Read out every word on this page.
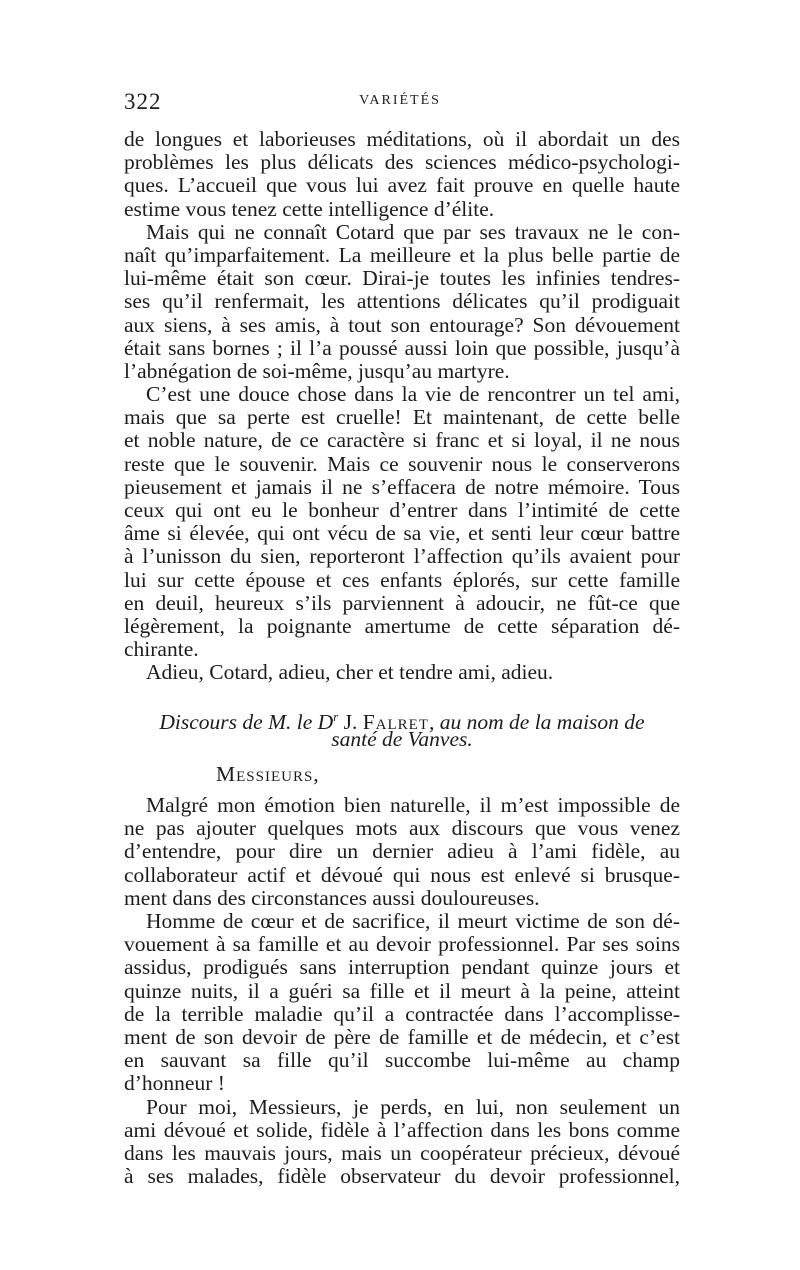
322	VARIÉTÉS
de longues et laborieuses méditations, où il abordait un des
problèmes les plus délicats des sciences médico-psychologi-
ques. L’accueil que vous lui avez fait prouve en quelle haute
estime vous tenez cette intelligence d’élite.
Mais qui ne connaît Cotard que par ses travaux ne le con-
naît qu’imparfaitement. La meilleure et la plus belle partie de
lui-même était son cœur. Dirai-je toutes les infinies tendres-
ses qu’il renfermait, les attentions délicates qu’il prodiguait
aux siens, à ses amis, à tout son entourage? Son dévouement
était sans bornes ; il l’a poussé aussi loin que possible, jusqu’à
l’abnégation de soi-même, jusqu’au martyre.
C’est une douce chose dans la vie de rencontrer un tel ami,
mais que sa perte est cruelle! Et maintenant, de cette belle
et noble nature, de ce caractère si franc et si loyal, il ne nous
reste que le souvenir. Mais ce souvenir nous le conserverons
pieusement et jamais il ne s’effacera de notre mémoire. Tous
ceux qui ont eu le bonheur d’entrer dans l’intimité de cette
âme si élevée, qui ont vécu de sa vie, et senti leur cœur battre
à l’unisson du sien, reporteront l’affection qu’ils avaient pour
lui sur cette épouse et ces enfants éplorés, sur cette famille
en deuil, heureux s’ils parviennent à adoucir, ne fût-ce que
légèrement, la poignante amertume de cette séparation dé-
chirante.
Adieu, Cotard, adieu, cher et tendre ami, adieu.
Discours de M. le $D^r$ J. Falret, au nom de la maison de
santé de Vanves.
Messieurs,
Malgré mon émotion bien naturelle, il m’est impossible de
ne pas ajouter quelques mots aux discours que vous venez
d’entendre, pour dire un dernier adieu à l’ami fidèle, au
collaborateur actif et dévoué qui nous est enlevé si brusque-
ment dans des circonstances aussi douloureuses.
Homme de cœur et de sacrifice, il meurt victime de son dé-
vouement à sa famille et au devoir professionnel. Par ses soins
assidus, prodigués sans interruption pendant quinze jours et
quinze nuits, il a guéri sa fille et il meurt à la peine, atteint
de la terrible maladie qu’il a contractée dans l’accomplisse-
ment de son devoir de père de famille et de médecin, et c’est
en sauvant sa fille qu’il succombe lui-même au champ
d’honneur !
Pour moi, Messieurs, je perds, en lui, non seulement un
ami dévoué et solide, fidèle à l’affection dans les bons comme
dans les mauvais jours, mais un coopérateur précieux, dévoué
à ses malades, fidèle observateur du devoir professionnel,
